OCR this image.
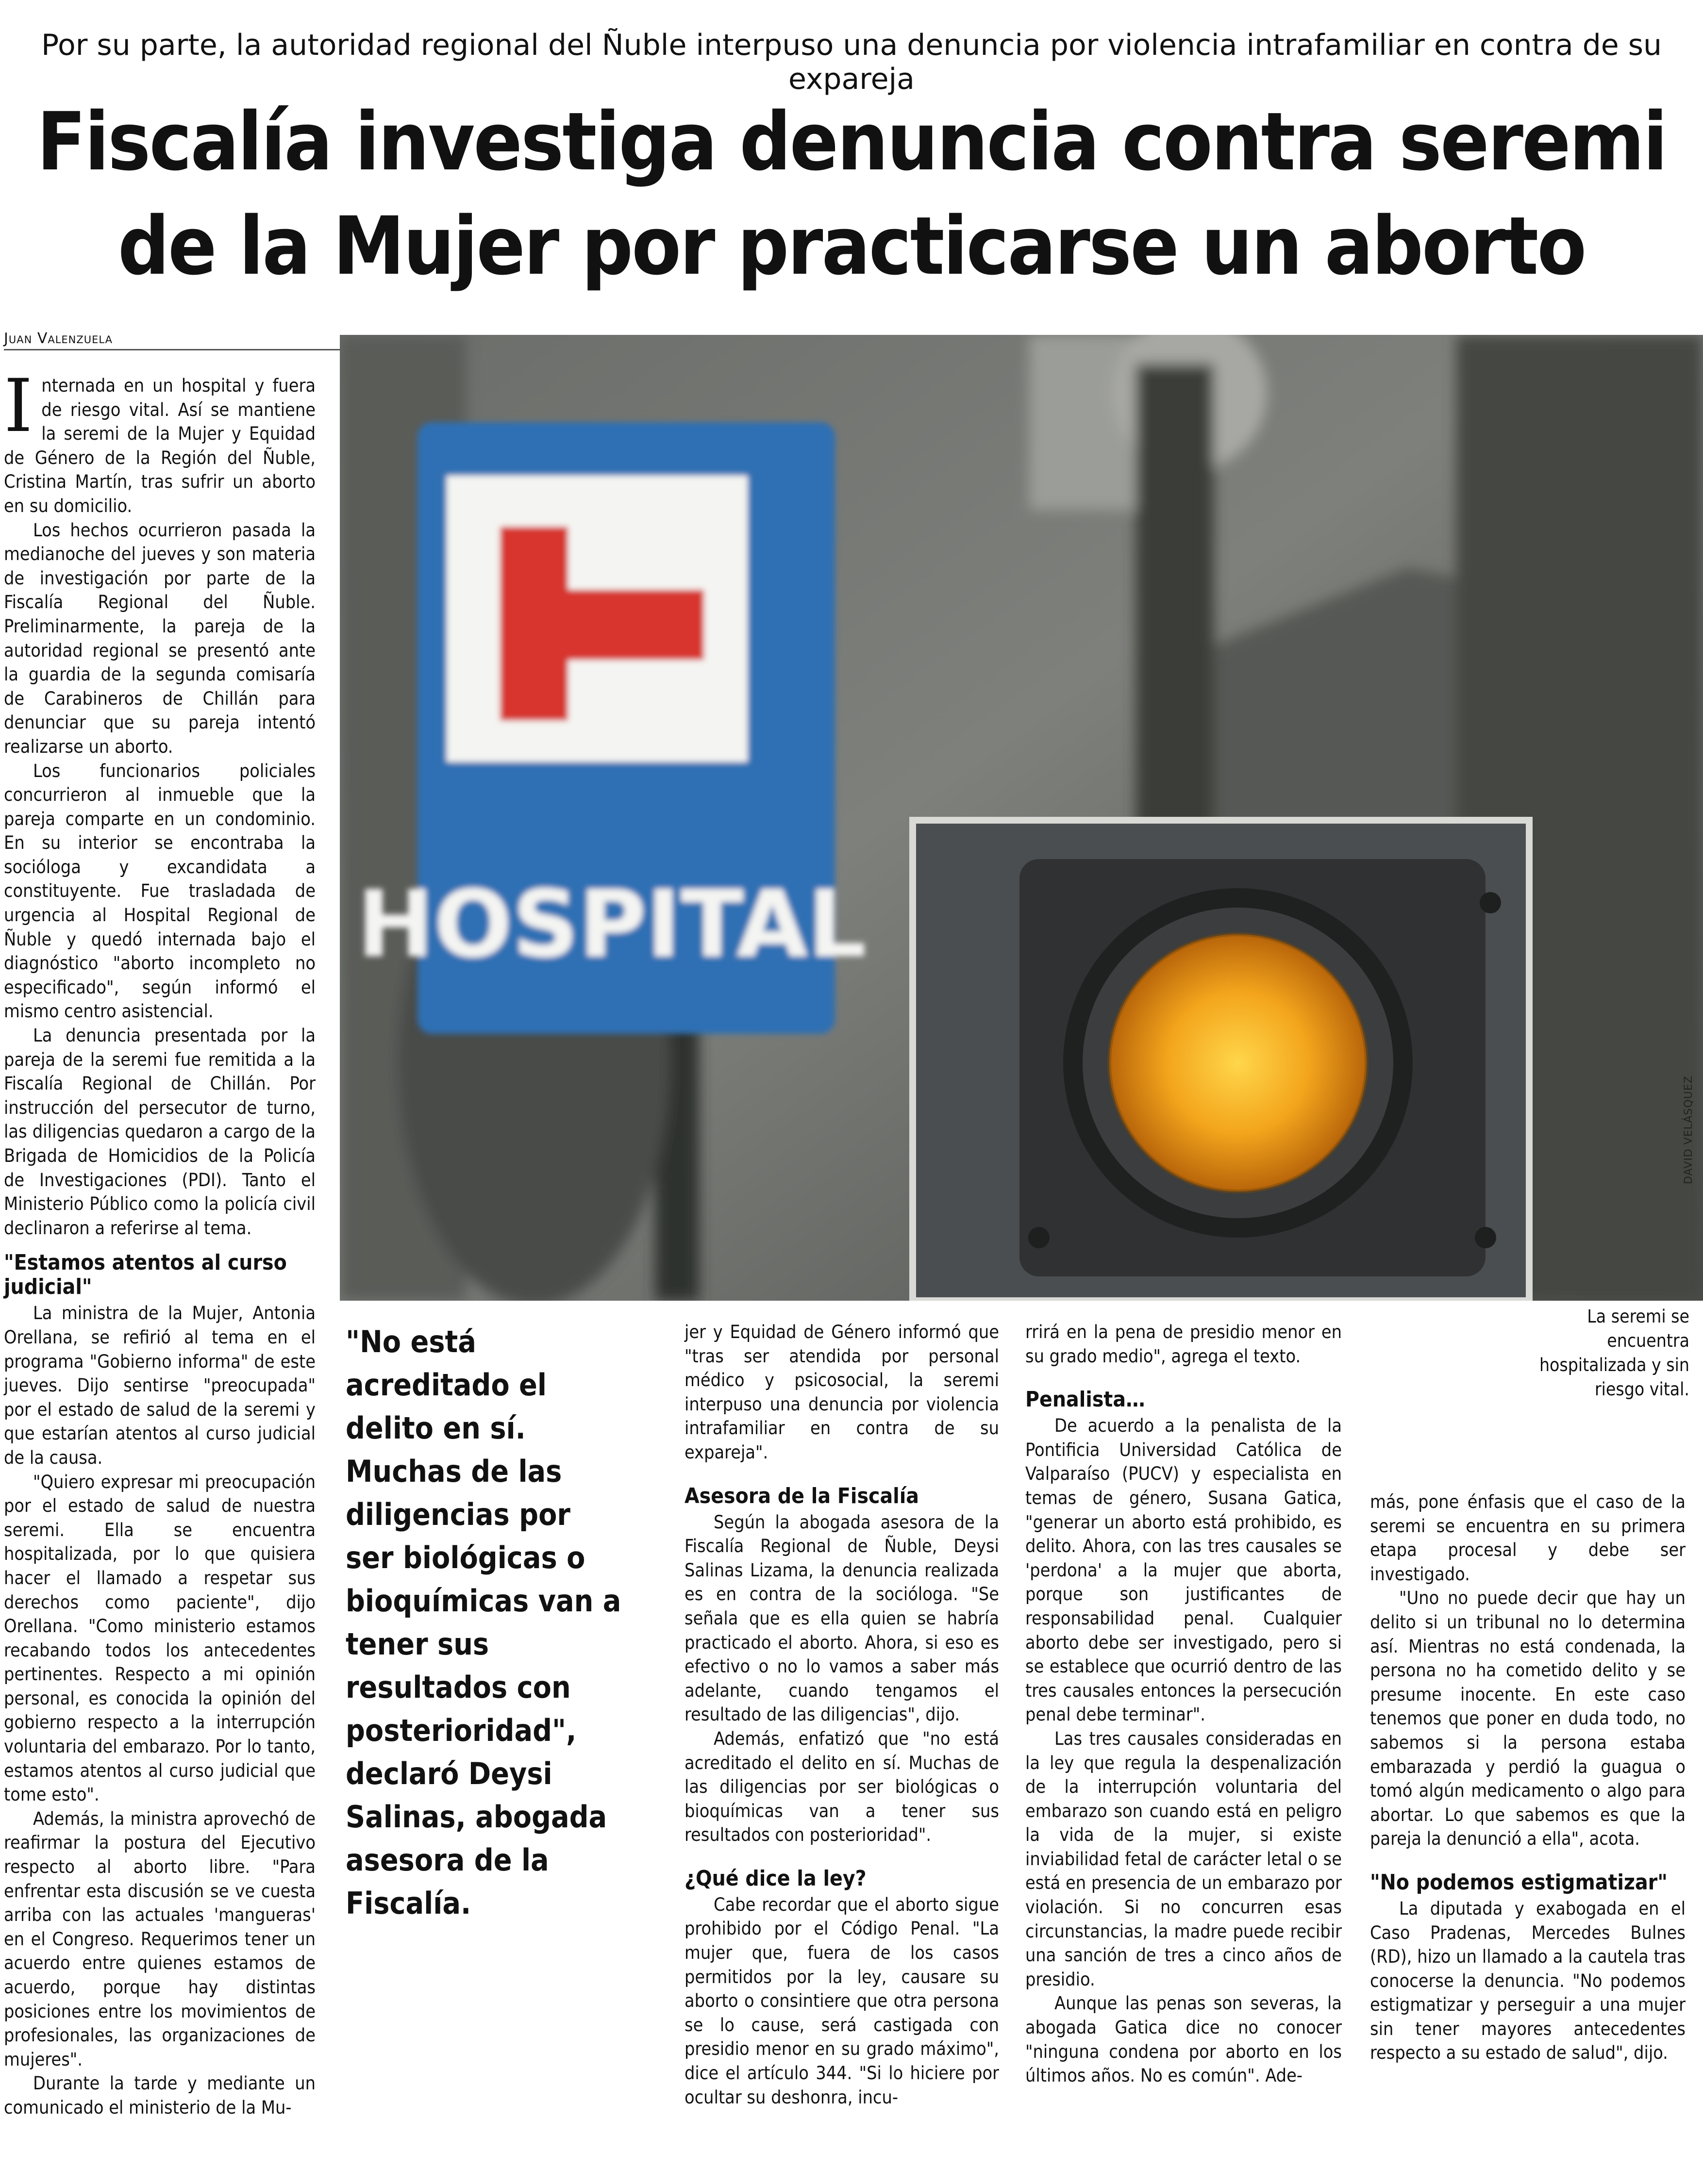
Por su parte, la autoridad regional del Ñuble interpuso una denuncia por violencia intrafamiliar en contra de su expareja
Fiscalía investiga denuncia contra seremi
de la Mujer por practicarse un aborto
Juan Valenzuela

Internada en un hospital y fuera de riesgo vital. Así se mantiene la seremi de la Mujer y Equidad de Género de la Región del Ñuble, Cristina Martín, tras sufrir un aborto en su domicilio.

Los hechos ocurrieron pasada la medianoche del jueves y son materia de investigación por parte de la Fiscalía Regional del Ñuble. Preliminarmente, la pareja de la autoridad regional se presentó ante la guardia de la segunda comisaría de Carabineros de Chillán para denunciar que su pareja intentó realizarse un aborto.

Los funcionarios policiales concurrieron al inmueble que la pareja comparte en un condominio. En su interior se encontraba la socióloga y excandidata a constituyente. Fue trasladada de urgencia al Hospital Regional de Ñuble y quedó internada bajo el diagnóstico "aborto incompleto no especificado", según informó el mismo centro asistencial.

La denuncia presentada por la pareja de la seremi fue remitida a la Fiscalía Regional de Chillán. Por instrucción del persecutor de turno, las diligencias quedaron a cargo de la Brigada de Homicidios de la Policía de Investigaciones (PDI). Tanto el Ministerio Público como la policía civil declinaron a referirse al tema.

"Estamos atentos al curso judicial"

La ministra de la Mujer, Antonia Orellana, se refirió al tema en el programa "Gobierno informa" de este jueves. Dijo sentirse "preocupada" por el estado de salud de la seremi y que estarían atentos al curso judicial de la causa.

"Quiero expresar mi preocupación por el estado de salud de nuestra seremi. Ella se encuentra hospitalizada, por lo que quisiera hacer el llamado a respetar sus derechos como paciente", dijo Orellana. "Como ministerio estamos recabando todos los antecedentes pertinentes. Respecto a mi opinión personal, es conocida la opinión del gobierno respecto a la interrupción voluntaria del embarazo. Por lo tanto, estamos atentos al curso judicial que tome esto".

Además, la ministra aprovechó de reafirmar la postura del Ejecutivo respecto al aborto libre. "Para enfrentar esta discusión se ve cuesta arriba con las actuales 'mangueras' en el Congreso. Requerimos tener un acuerdo entre quienes estamos de acuerdo, porque hay distintas posiciones entre los movimientos de profesionales, las organizaciones de mujeres".

Durante la tarde y mediante un comunicado el ministerio de la Mu-

HOSPITAL
DAVID VELÁSQUEZ
La seremi se encuentra hospitalizada y sin riesgo vital.
"No está acreditado el delito en sí. Muchas de las diligencias por ser biológicas o bioquímicas van a tener sus resultados con posterioridad", declaró Deysi Salinas, abogada asesora de la Fiscalía.

jer y Equidad de Género informó que "tras ser atendida por personal médico y psicosocial, la seremi interpuso una denuncia por violencia intrafamiliar en contra de su expareja".

Asesora de la Fiscalía

Según la abogada asesora de la Fiscalía Regional de Ñuble, Deysi Salinas Lizama, la denuncia realizada es en contra de la socióloga. "Se señala que es ella quien se habría practicado el aborto. Ahora, si eso es efectivo o no lo vamos a saber más adelante, cuando tengamos el resultado de las diligencias", dijo.

Además, enfatizó que "no está acreditado el delito en sí. Muchas de las diligencias por ser biológicas o bioquímicas van a tener sus resultados con posterioridad".

¿Qué dice la ley?

Cabe recordar que el aborto sigue prohibido por el Código Penal. "La mujer que, fuera de los casos permitidos por la ley, causare su aborto o consintiere que otra persona se lo cause, será castigada con presidio menor en su grado máximo", dice el artículo 344. "Si lo hiciere por ocultar su deshonra, incu-

rrirá en la pena de presidio menor en su grado medio", agrega el texto.

Penalista…

De acuerdo a la penalista de la Pontificia Universidad Católica de Valparaíso (PUCV) y especialista en temas de género, Susana Gatica, "generar un aborto está prohibido, es delito. Ahora, con las tres causales se 'perdona' a la mujer que aborta, porque son justificantes de responsabilidad penal. Cualquier aborto debe ser investigado, pero si se establece que ocurrió dentro de las tres causales entonces la persecución penal debe terminar".

Las tres causales consideradas en la ley que regula la despenalización de la interrupción voluntaria del embarazo son cuando está en peligro la vida de la mujer, si existe inviabilidad fetal de carácter letal o se está en presencia de un embarazo por violación. Si no concurren esas circunstancias, la madre puede recibir una sanción de tres a cinco años de presidio.

Aunque las penas son severas, la abogada Gatica dice no conocer "ninguna condena por aborto en los últimos años. No es común". Ade-

más, pone énfasis que el caso de la seremi se encuentra en su primera etapa procesal y debe ser investigado.

"Uno no puede decir que hay un delito si un tribunal no lo determina así. Mientras no está condenada, la persona no ha cometido delito y se presume inocente. En este caso tenemos que poner en duda todo, no sabemos si la persona estaba embarazada y perdió la guagua o tomó algún medicamento o algo para abortar. Lo que sabemos es que la pareja la denunció a ella", acota.

"No podemos estigmatizar"

La diputada y exabogada en el Caso Pradenas, Mercedes Bulnes (RD), hizo un llamado a la cautela tras conocerse la denuncia. "No podemos estigmatizar y perseguir a una mujer sin tener mayores antecedentes respecto a su estado de salud", dijo.
